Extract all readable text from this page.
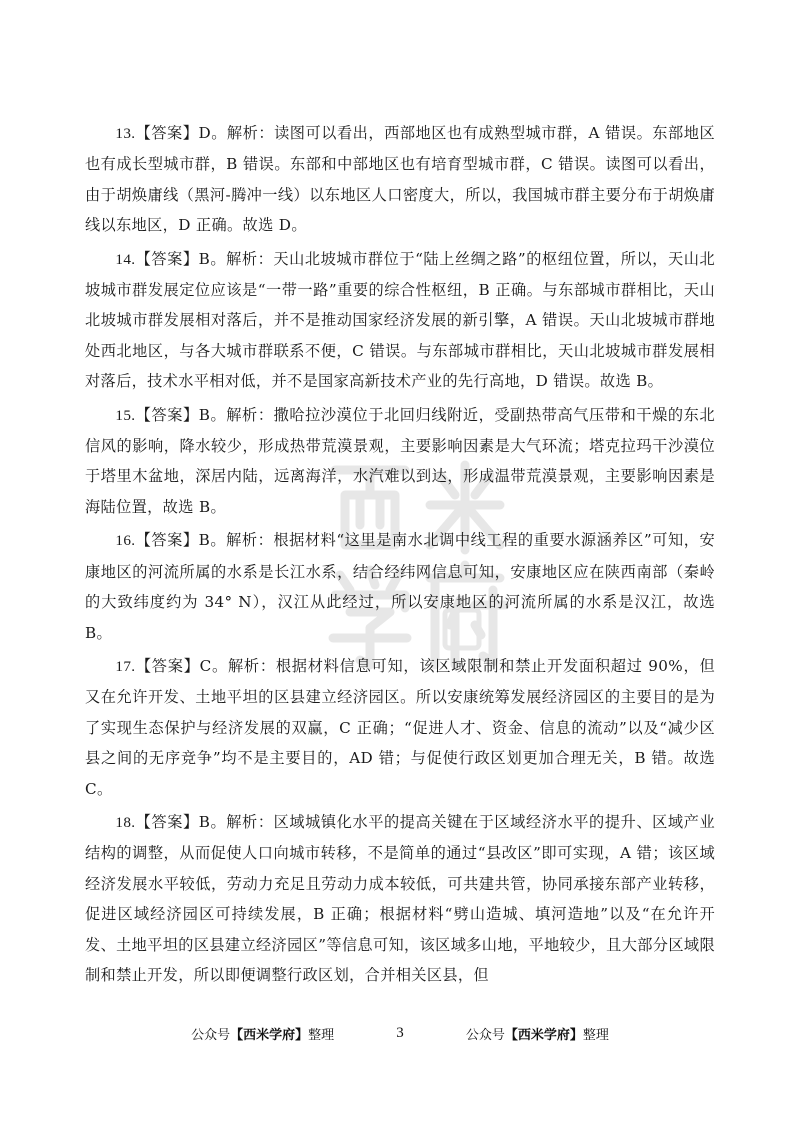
13.【答案】D。解析：读图可以看出，西部地区也有成熟型城市群，A 错误。东部地区也有成长型城市群，B 错误。东部和中部地区也有培育型城市群，C 错误。读图可以看出，由于胡焕庸线（黑河-腾冲一线）以东地区人口密度大，所以，我国城市群主要分布于胡焕庸线以东地区，D 正确。故选 D。

14.【答案】B。解析：天山北坡城市群位于“陆上丝绸之路”的枢纽位置，所以，天山北坡城市群发展定位应该是“一带一路”重要的综合性枢纽，B 正确。与东部城市群相比，天山北坡城市群发展相对落后，并不是推动国家经济发展的新引擎，A 错误。天山北坡城市群地处西北地区，与各大城市群联系不便，C 错误。与东部城市群相比，天山北坡城市群发展相对落后，技术水平相对低，并不是国家高新技术产业的先行高地，D 错误。故选 B。

15.【答案】B。解析：撒哈拉沙漠位于北回归线附近，受副热带高气压带和干燥的东北信风的影响，降水较少，形成热带荒漠景观，主要影响因素是大气环流；塔克拉玛干沙漠位于塔里木盆地，深居内陆，远离海洋，水汽难以到达，形成温带荒漠景观，主要影响因素是海陆位置，故选 B。

16.【答案】B。解析：根据材料“这里是南水北调中线工程的重要水源涵养区”可知，安康地区的河流所属的水系是长江水系，结合经纬网信息可知，安康地区应在陕西南部（秦岭的大致纬度约为 34° N），汉江从此经过，所以安康地区的河流所属的水系是汉江，故选 B。

17.【答案】C。解析：根据材料信息可知，该区域限制和禁止开发面积超过 90%，但又在允许开发、土地平坦的区县建立经济园区。所以安康统筹发展经济园区的主要目的是为了实现生态保护与经济发展的双赢，C 正确；“促进人才、资金、信息的流动”以及“减少区县之间的无序竞争”均不是主要目的，AD 错；与促使行政区划更加合理无关，B 错。故选 C。

18.【答案】B。解析：区域城镇化水平的提高关键在于区域经济水平的提升、区域产业结构的调整，从而促使人口向城市转移，不是简单的通过“县改区”即可实现，A 错；该区域经济发展水平较低，劳动力充足且劳动力成本较低，可共建共管，协同承接东部产业转移，促进区域经济园区可持续发展，B 正确；根据材料“劈山造城、填河造地”以及“在允许开发、土地平坦的区县建立经济园区”等信息可知，该区域多山地，平地较少，且大部分区域限制和禁止开发，所以即便调整行政区划，合并相关区县，但

公众号【西米学府】整理	3	公众号【西米学府】整理
